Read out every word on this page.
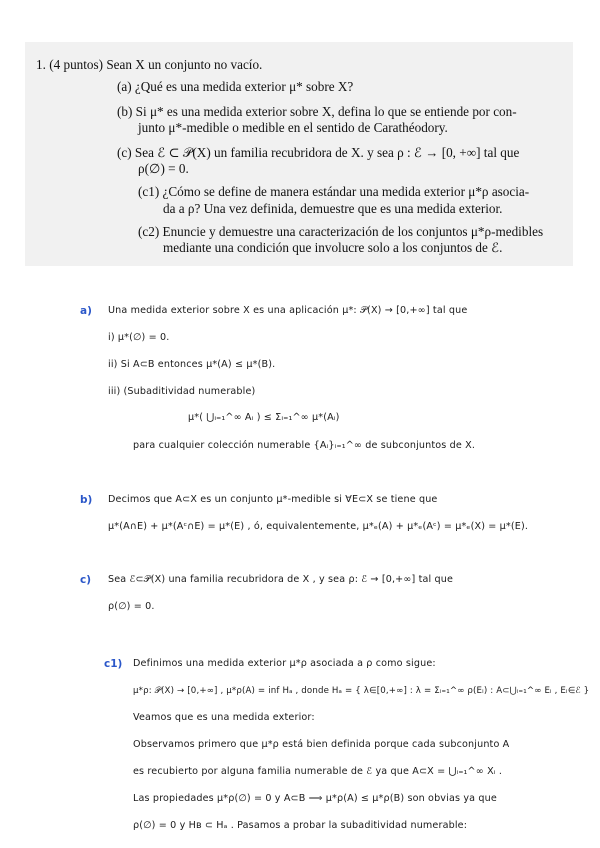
1. (4 puntos) Sean X un conjunto no vacío.
(a) ¿Qué es una medida exterior μ* sobre X?
(b) Si μ* es una medida exterior sobre X, defina lo que se entiende por con-
junto μ*-medible o medible en el sentido de Carathéodory.
(c) Sea ℰ ⊂ 𝒫(X) un familia recubridora de X. y sea ρ : ℰ → [0, +∞] tal que
ρ(∅) = 0.
(c1) ¿Cómo se define de manera estándar una medida exterior μ*ρ asocia-
da a ρ? Una vez definida, demuestre que es una medida exterior.
(c2) Enuncie y demuestre una caracterización de los conjuntos μ*ρ-medibles
mediante una condición que involucre solo a los conjuntos de ℰ.
a) Una medida exterior sobre X es una aplicación μ*: 𝒫(X) → [0,+∞] tal que
i) μ*(∅) = 0.
ii) Si A⊂B entonces μ*(A) ≤ μ*(B).
iii) (Subaditividad numerable)
μ*( ⋃ᵢ₌₁^∞ Aᵢ ) ≤ Σᵢ₌₁^∞ μ*(Aᵢ)
para cualquier colección numerable {Aᵢ}ᵢ₌₁^∞ de subconjuntos de X.
b) Decimos que A⊂X es un conjunto μ*-medible si ∀E⊂X se tiene que
μ*(A∩E) + μ*(Aᶜ∩E) = μ*(E) , ó, equivalentemente, μ*ₑ(A) + μ*ₑ(Aᶜ) = μ*ₑ(X) = μ*(E).
c) Sea ℰ⊂𝒫(X) una familia recubridora de X , y sea ρ: ℰ → [0,+∞] tal que
ρ(∅) = 0.
c1) Definimos una medida exterior μ*ρ asociada a ρ como sigue:
μ*ρ: 𝒫(X) → [0,+∞] , μ*ρ(A) = inf Hₐ , donde Hₐ = { λ∈[0,+∞] : λ = Σᵢ₌₁^∞ ρ(Eᵢ) : A⊂⋃ᵢ₌₁^∞ Eᵢ , Eᵢ∈ℰ }
Veamos que es una medida exterior:
Observamos primero que μ*ρ está bien definida porque cada subconjunto A
es recubierto por alguna familia numerable de ℰ ya que A⊂X = ⋃ᵢ₌₁^∞ Xᵢ .
Las propiedades μ*ρ(∅) = 0 y A⊂B ⟹ μ*ρ(A) ≤ μ*ρ(B) son obvias ya que
ρ(∅) = 0 y Hʙ ⊂ Hₐ . Pasamos a probar la subaditividad numerable:
